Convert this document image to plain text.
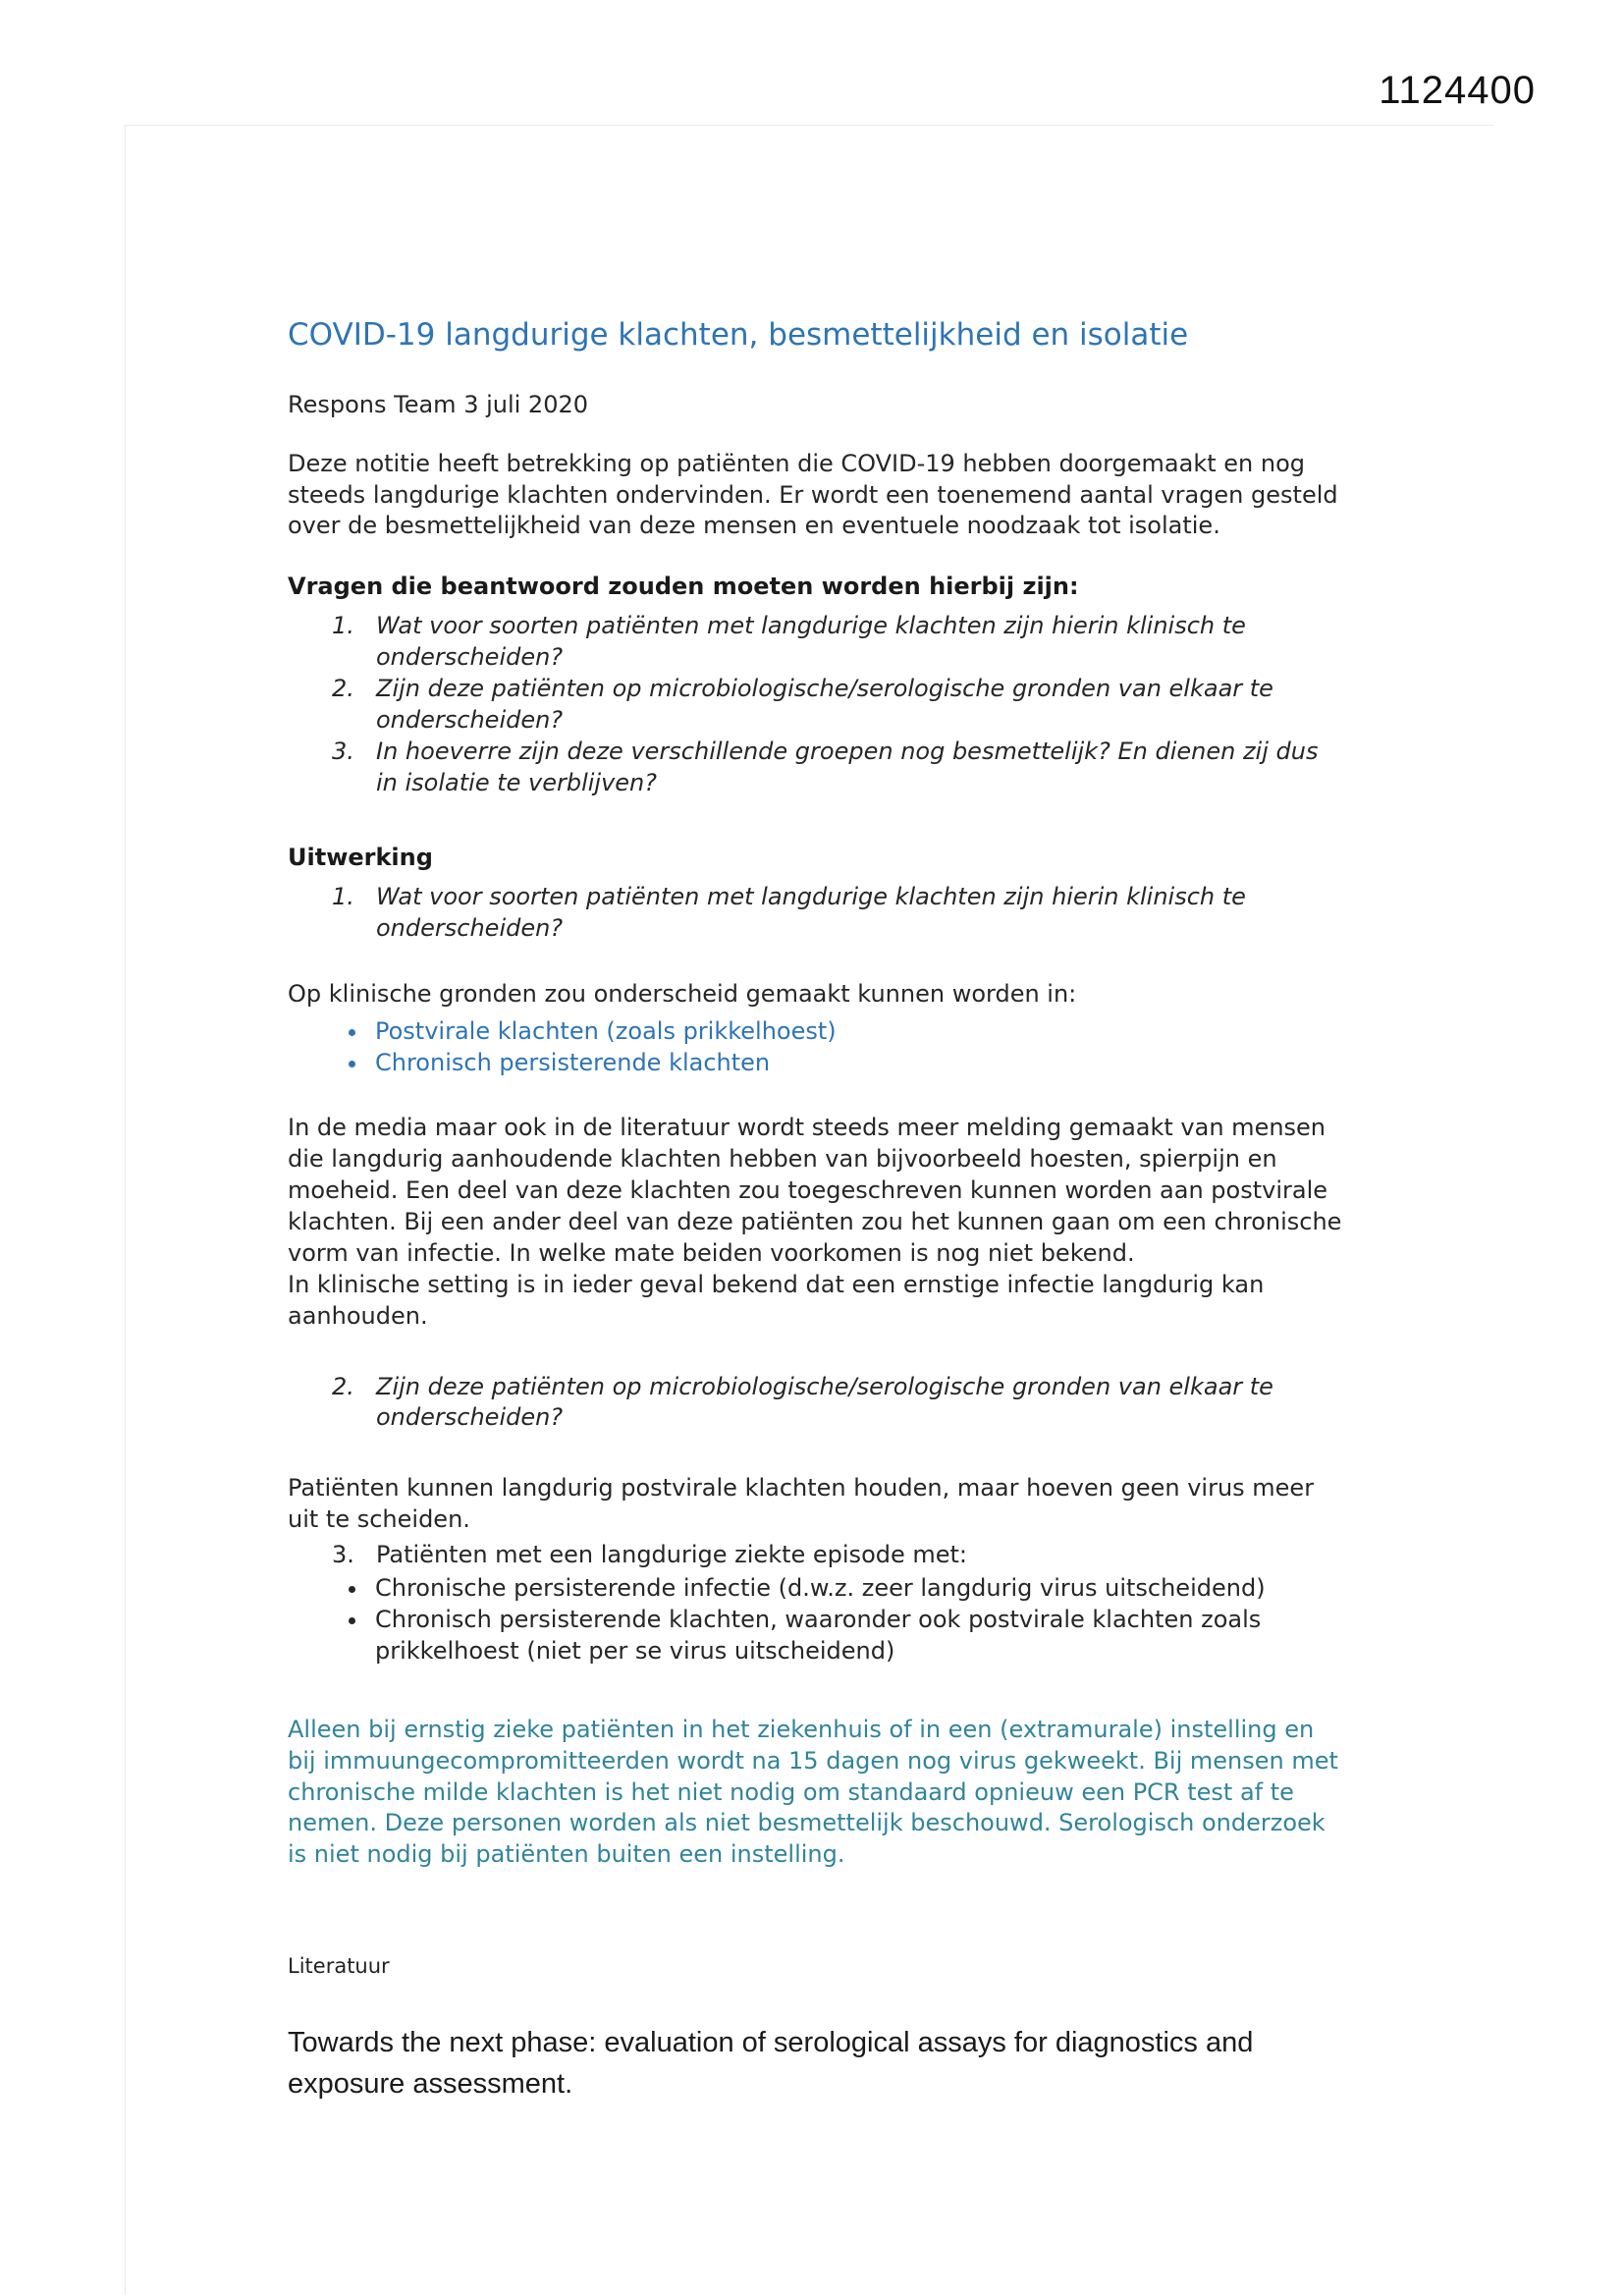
1124400
COVID-19 langdurige klachten, besmettelijkheid en isolatie

Respons Team 3 juli 2020

Deze notitie heeft betrekking op patiënten die COVID-19 hebben doorgemaakt en nog steeds langdurige klachten ondervinden. Er wordt een toenemend aantal vragen gesteld over de besmettelijkheid van deze mensen en eventuele noodzaak tot isolatie.

Vragen die beantwoord zouden moeten worden hierbij zijn:

1. Wat voor soorten patiënten met langdurige klachten zijn hierin klinisch te onderscheiden?
2. Zijn deze patiënten op microbiologische/serologische gronden van elkaar te onderscheiden?
3. In hoeverre zijn deze verschillende groepen nog besmettelijk? En dienen zij dus in isolatie te verblijven?

Uitwerking

1. Wat voor soorten patiënten met langdurige klachten zijn hierin klinisch te onderscheiden?

Op klinische gronden zou onderscheid gemaakt kunnen worden in:

• Postvirale klachten (zoals prikkelhoest)
• Chronisch persisterende klachten

In de media maar ook in de literatuur wordt steeds meer melding gemaakt van mensen die langdurig aanhoudende klachten hebben van bijvoorbeeld hoesten, spierpijn en moeheid. Een deel van deze klachten zou toegeschreven kunnen worden aan postvirale klachten. Bij een ander deel van deze patiënten zou het kunnen gaan om een chronische vorm van infectie. In welke mate beiden voorkomen is nog niet bekend.

In klinische setting is in ieder geval bekend dat een ernstige infectie langdurig kan aanhouden.

2. Zijn deze patiënten op microbiologische/serologische gronden van elkaar te onderscheiden?

Patiënten kunnen langdurig postvirale klachten houden, maar hoeven geen virus meer uit te scheiden.

3. Patiënten met een langdurige ziekte episode met:
• Chronische persisterende infectie (d.w.z. zeer langdurig virus uitscheidend)
• Chronisch persisterende klachten, waaronder ook postvirale klachten zoals prikkelhoest (niet per se virus uitscheidend)

Alleen bij ernstig zieke patiënten in het ziekenhuis of in een (extramurale) instelling en bij immuungecompromitteerden wordt na 15 dagen nog virus gekweekt. Bij mensen met chronische milde klachten is het niet nodig om standaard opnieuw een PCR test af te nemen. Deze personen worden als niet besmettelijk beschouwd. Serologisch onderzoek is niet nodig bij patiënten buiten een instelling.

Literatuur

Towards the next phase: evaluation of serological assays for diagnostics and exposure assessment.
